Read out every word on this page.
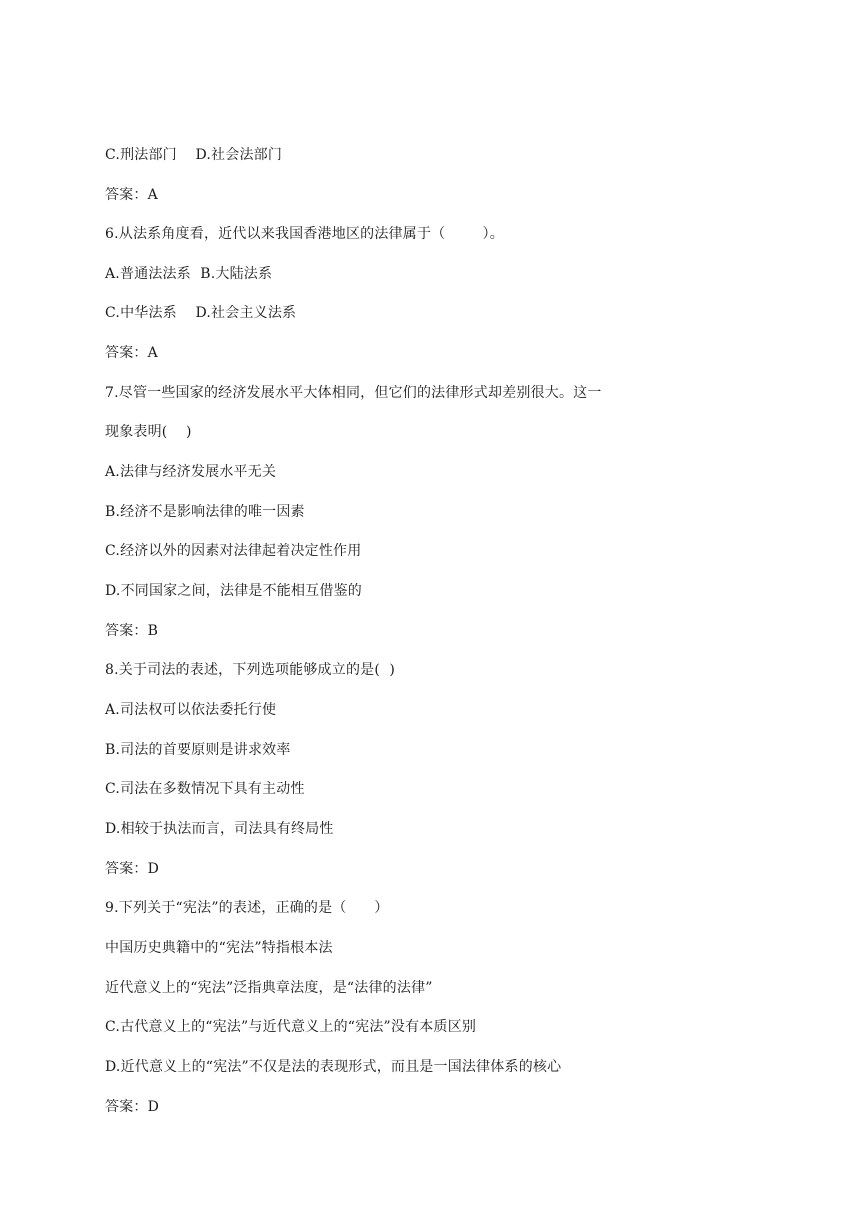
C.刑法部门    D.社会法部门
答案：A
6.从法系角度看，近代以来我国香港地区的法律属于（        ）。
A.普通法法系  B.大陆法系
C.中华法系    D.社会主义法系
答案：A
7.尽管一些国家的经济发展水平大体相同，但它们的法律形式却差别很大。这一
现象表明(    )
A.法律与经济发展水平无关
B.经济不是影响法律的唯一因素
C.经济以外的因素对法律起着决定性作用
D.不同国家之间，法律是不能相互借鉴的
答案：B
8.关于司法的表述，下列选项能够成立的是(  )
A.司法权可以依法委托行使
B.司法的首要原则是讲求效率
C.司法在多数情况下具有主动性
D.相较于执法而言，司法具有终局性
答案：D
9.下列关于“宪法”的表述，正确的是（      ）
中国历史典籍中的“宪法”特指根本法
近代意义上的“宪法”泛指典章法度，是“法律的法律”
C.古代意义上的“宪法”与近代意义上的“宪法”没有本质区别
D.近代意义上的“宪法”不仅是法的表现形式，而且是一国法律体系的核心
答案：D
